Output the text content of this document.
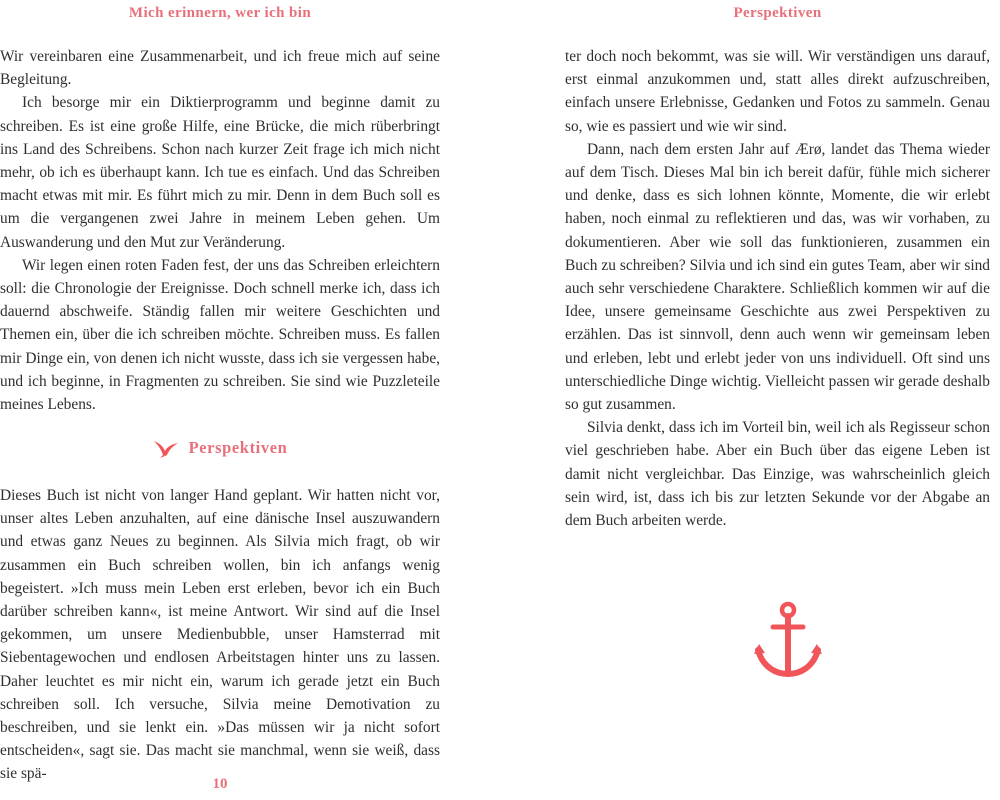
Mich erinnern, wer ich bin

Wir vereinbaren eine Zusammenarbeit, und ich freue mich auf seine Begleitung.

Ich besorge mir ein Diktierprogramm und beginne damit zu schreiben. Es ist eine große Hilfe, eine Brücke, die mich rüberbringt ins Land des Schreibens. Schon nach kurzer Zeit frage ich mich nicht mehr, ob ich es überhaupt kann. Ich tue es einfach. Und das Schreiben macht etwas mit mir. Es führt mich zu mir. Denn in dem Buch soll es um die vergangenen zwei Jahre in meinem Leben gehen. Um Auswanderung und den Mut zur Veränderung.

Wir legen einen roten Faden fest, der uns das Schreiben erleichtern soll: die Chronologie der Ereignisse. Doch schnell merke ich, dass ich dauernd abschweife. Ständig fallen mir weitere Geschichten und Themen ein, über die ich schreiben möchte. Schreiben muss. Es fallen mir Dinge ein, von denen ich nicht wusste, dass ich sie vergessen habe, und ich beginne, in Fragmenten zu schreiben. Sie sind wie Puzzleteile meines Lebens.

Perspektiven

Dieses Buch ist nicht von langer Hand geplant. Wir hatten nicht vor, unser altes Leben anzuhalten, auf eine dänische Insel auszuwandern und etwas ganz Neues zu beginnen. Als Silvia mich fragt, ob wir zusammen ein Buch schreiben wollen, bin ich anfangs wenig begeistert. »Ich muss mein Leben erst erleben, bevor ich ein Buch darüber schreiben kann«, ist meine Antwort. Wir sind auf die Insel gekommen, um unsere Medienbubble, unser Hamsterrad mit Siebentagewochen und endlosen Arbeitstagen hinter uns zu lassen. Daher leuchtet es mir nicht ein, warum ich gerade jetzt ein Buch schreiben soll. Ich versuche, Silvia meine Demotivation zu beschreiben, und sie lenkt ein. »Das müssen wir ja nicht sofort entscheiden«, sagt sie. Das macht sie manchmal, wenn sie weiß, dass sie spä-

10
Perspektiven

ter doch noch bekommt, was sie will. Wir verständigen uns darauf, erst einmal anzukommen und, statt alles direkt aufzuschreiben, einfach unsere Erlebnisse, Gedanken und Fotos zu sammeln. Genau so, wie es passiert und wie wir sind.

Dann, nach dem ersten Jahr auf Ærø, landet das Thema wieder auf dem Tisch. Dieses Mal bin ich bereit dafür, fühle mich sicherer und denke, dass es sich lohnen könnte, Momente, die wir erlebt haben, noch einmal zu reflektieren und das, was wir vorhaben, zu dokumentieren. Aber wie soll das funktionieren, zusammen ein Buch zu schreiben? Silvia und ich sind ein gutes Team, aber wir sind auch sehr verschiedene Charaktere. Schließlich kommen wir auf die Idee, unsere gemeinsame Geschichte aus zwei Perspektiven zu erzählen. Das ist sinnvoll, denn auch wenn wir gemeinsam leben und erleben, lebt und erlebt jeder von uns individuell. Oft sind uns unterschiedliche Dinge wichtig. Vielleicht passen wir gerade deshalb so gut zusammen.

Silvia denkt, dass ich im Vorteil bin, weil ich als Regisseur schon viel geschrieben habe. Aber ein Buch über das eigene Leben ist damit nicht vergleichbar. Das Einzige, was wahrscheinlich gleich sein wird, ist, dass ich bis zur letzten Sekunde vor der Abgabe an dem Buch arbeiten werde.
